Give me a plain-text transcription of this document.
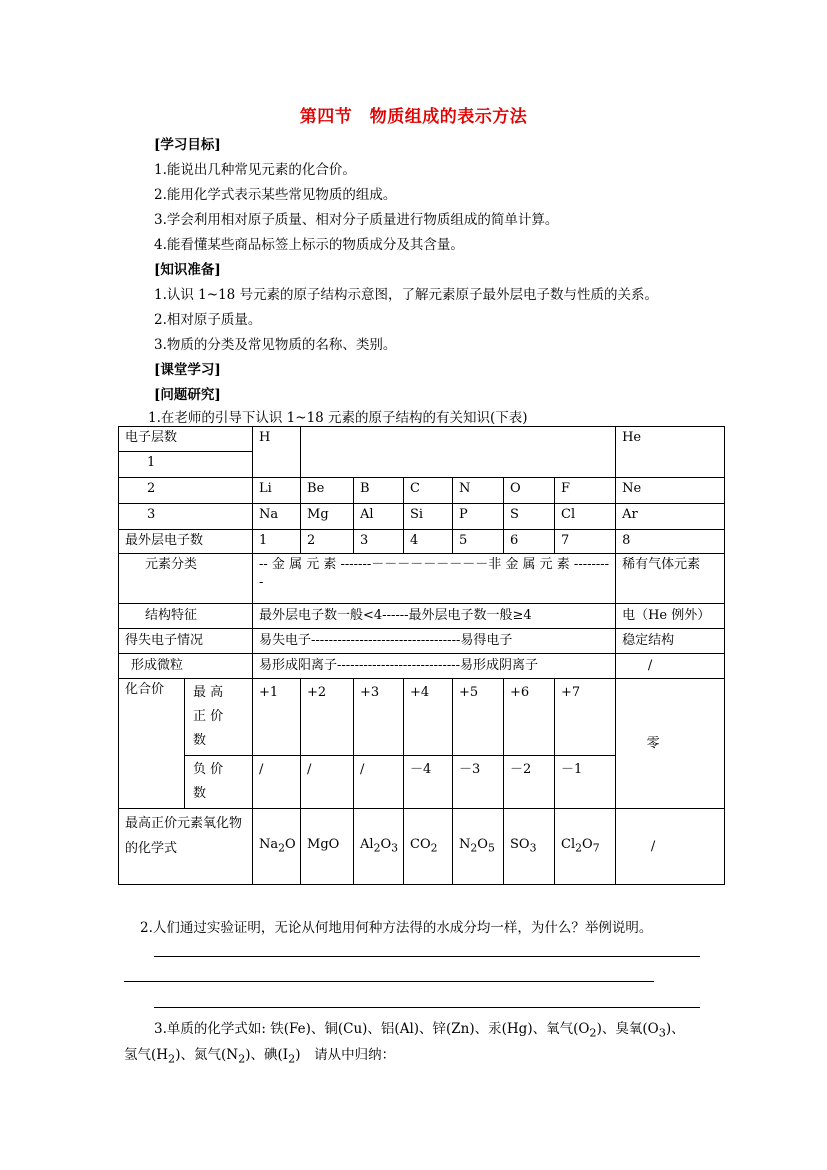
第四节　物质组成的表示方法
[学习目标]
1.能说出几种常见元素的化合价。
2.能用化学式表示某些常见物质的组成。
3.学会利用相对原子质量、相对分子质量进行物质组成的简单计算。
4.能看懂某些商品标签上标示的物质成分及其含量。
[知识准备]
1.认识 1~18 号元素的原子结构示意图，了解元素原子最外层电子数与性质的关系。
2.相对原子质量。
3.物质的分类及常见物质的名称、类别。
[课堂学习]
[问题研究]
1.在老师的引导下认识 1~18 元素的原子结构的有关知识(下表)
电子层数		H							He
1									
2		Li	Be	B	C	N	O	F	Ne
3		Na	Mg	Al	Si	P	S	Cl	Ar
最外层电子数		1	2	3	4	5	6	7	8
元素分类		-- 金 属 元 素 -------－－－－－－－－－非 金 属 元 素 ---------							稀有气体元素
结构特征		最外层电子数一般<4------最外层电子数一般≥4							电（He 例外）
得失电子情况		易失电子----------------------------------易得电子							稳定结构
形成微粒		易形成阳离子----------------------------易形成阴离子							/
化合价	最 高 正 价 数	+1	+2	+3	+4	+5	+6	+7	零
	负 价 数	/	/	/	－4	－3	－2	－1	
最高正价元素氧化物的化学式		$Na_2O$	MgO	$Al_2O_3$	$CO_2$	$N_2O_5$	$SO_3$	$Cl_2O_7$	/
2.人们通过实验证明，无论从何地用何种方法得的水成分均一样，为什么？举例说明。
3.单质的化学式如: 铁(Fe)、铜(Cu)、铝(Al)、锌(Zn)、汞(Hg)、氧气$(O_2)$、臭氧$(O_3)$、
氢气$(H_2)$、氮气$(N_2)$、碘$(I_2)$　请从中归纳：
